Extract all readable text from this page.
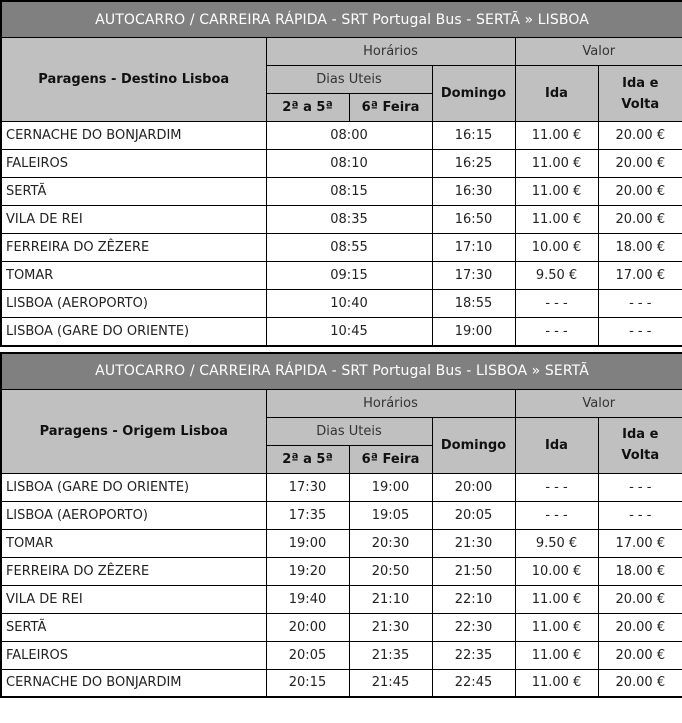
AUTOCARRO / CARREIRA RÁPIDA - SRT Portugal Bus - SERTÃ » LISBOA					
Paragens - Destino Lisboa	Horários			Valor	
	Dias Uteis		Domingo	Ida	Ida e
Volta
	2ª a 5ª	6ª Feira			
CERNACHE DO BONJARDIM	08:00		16:15	11.00 €	20.00 €
FALEIROS	08:10		16:25	11.00 €	20.00 €
SERTÃ	08:15		16:30	11.00 €	20.00 €
VILA DE REI	08:35		16:50	11.00 €	20.00 €
FERREIRA DO ZÊZERE	08:55		17:10	10.00 €	18.00 €
TOMAR	09:15		17:30	9.50 €	17.00 €
LISBOA (AEROPORTO)	10:40		18:55	- - -	- - -
LISBOA (GARE DO ORIENTE)	10:45		19:00	- - -	- - -
AUTOCARRO / CARREIRA RÁPIDA - SRT Portugal Bus - LISBOA » SERTÃ					
Paragens - Origem Lisboa	Horários			Valor	
	Dias Uteis		Domingo	Ida	Ida e
Volta
	2ª a 5ª	6ª Feira			
LISBOA (GARE DO ORIENTE)	17:30	19:00	20:00	- - -	- - -
LISBOA (AEROPORTO)	17:35	19:05	20:05	- - -	- - -
TOMAR	19:00	20:30	21:30	9.50 €	17.00 €
FERREIRA DO ZÊZERE	19:20	20:50	21:50	10.00 €	18.00 €
VILA DE REI	19:40	21:10	22:10	11.00 €	20.00 €
SERTÃ	20:00	21:30	22:30	11.00 €	20.00 €
FALEIROS	20:05	21:35	22:35	11.00 €	20.00 €
CERNACHE DO BONJARDIM	20:15	21:45	22:45	11.00 €	20.00 €
